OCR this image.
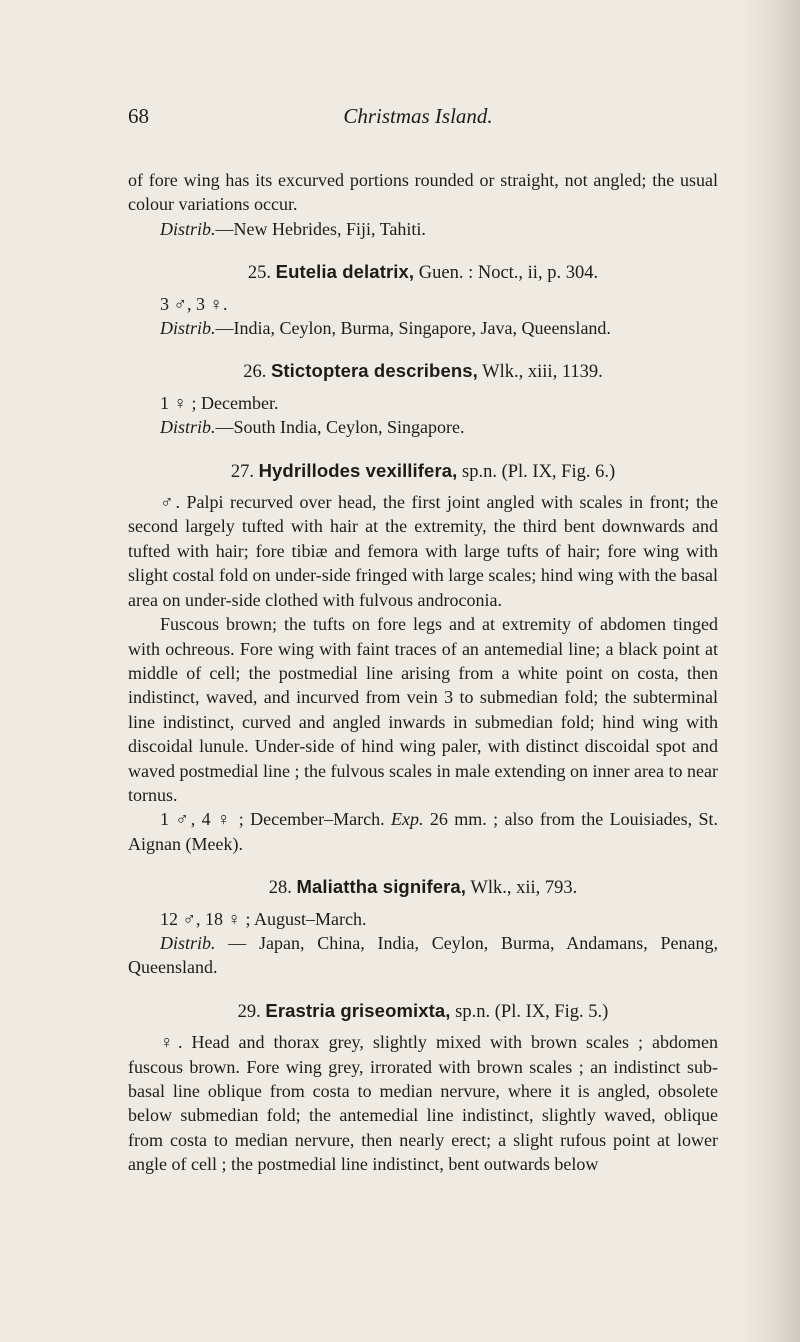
68	Christmas Island.

of fore wing has its excurved portions rounded or straight, not angled; the usual colour variations occur.

Distrib.—New Hebrides, Fiji, Tahiti.

25. Eutelia delatrix, Guen. : Noct., ii, p. 304.

3 ♂, 3 ♀.

Distrib.—India, Ceylon, Burma, Singapore, Java, Queensland.

26. Stictoptera describens, Wlk., xiii, 1139.

1 ♀ ; December.

Distrib.—South India, Ceylon, Singapore.

27. Hydrillodes vexillifera, sp.n. (Pl. IX, Fig. 6.)

♂. Palpi recurved over head, the first joint angled with scales in front; the second largely tufted with hair at the extremity, the third bent downwards and tufted with hair; fore tibiæ and femora with large tufts of hair; fore wing with slight costal fold on under-side fringed with large scales; hind wing with the basal area on under-side clothed with fulvous androconia.

Fuscous brown; the tufts on fore legs and at extremity of abdomen tinged with ochreous. Fore wing with faint traces of an antemedial line; a black point at middle of cell; the postmedial line arising from a white point on costa, then indistinct, waved, and incurved from vein 3 to submedian fold; the subterminal line indistinct, curved and angled inwards in submedian fold; hind wing with discoidal lunule. Under-side of hind wing paler, with distinct discoidal spot and waved postmedial line ; the fulvous scales in male extending on inner area to near tornus.

1 ♂, 4 ♀ ; December–March. Exp. 26 mm. ; also from the Louisiades, St. Aignan (Meek).

28. Maliattha signifera, Wlk., xii, 793.

12 ♂, 18 ♀ ; August–March.

Distrib. — Japan, China, India, Ceylon, Burma, Andamans, Penang, Queensland.

29. Erastria griseomixta, sp.n. (Pl. IX, Fig. 5.)

♀. Head and thorax grey, slightly mixed with brown scales ; abdomen fuscous brown. Fore wing grey, irrorated with brown scales ; an indistinct sub-basal line oblique from costa to median nervure, where it is angled, obsolete below submedian fold; the antemedial line indistinct, slightly waved, oblique from costa to median nervure, then nearly erect; a slight rufous point at lower angle of cell ; the postmedial line indistinct, bent outwards below
